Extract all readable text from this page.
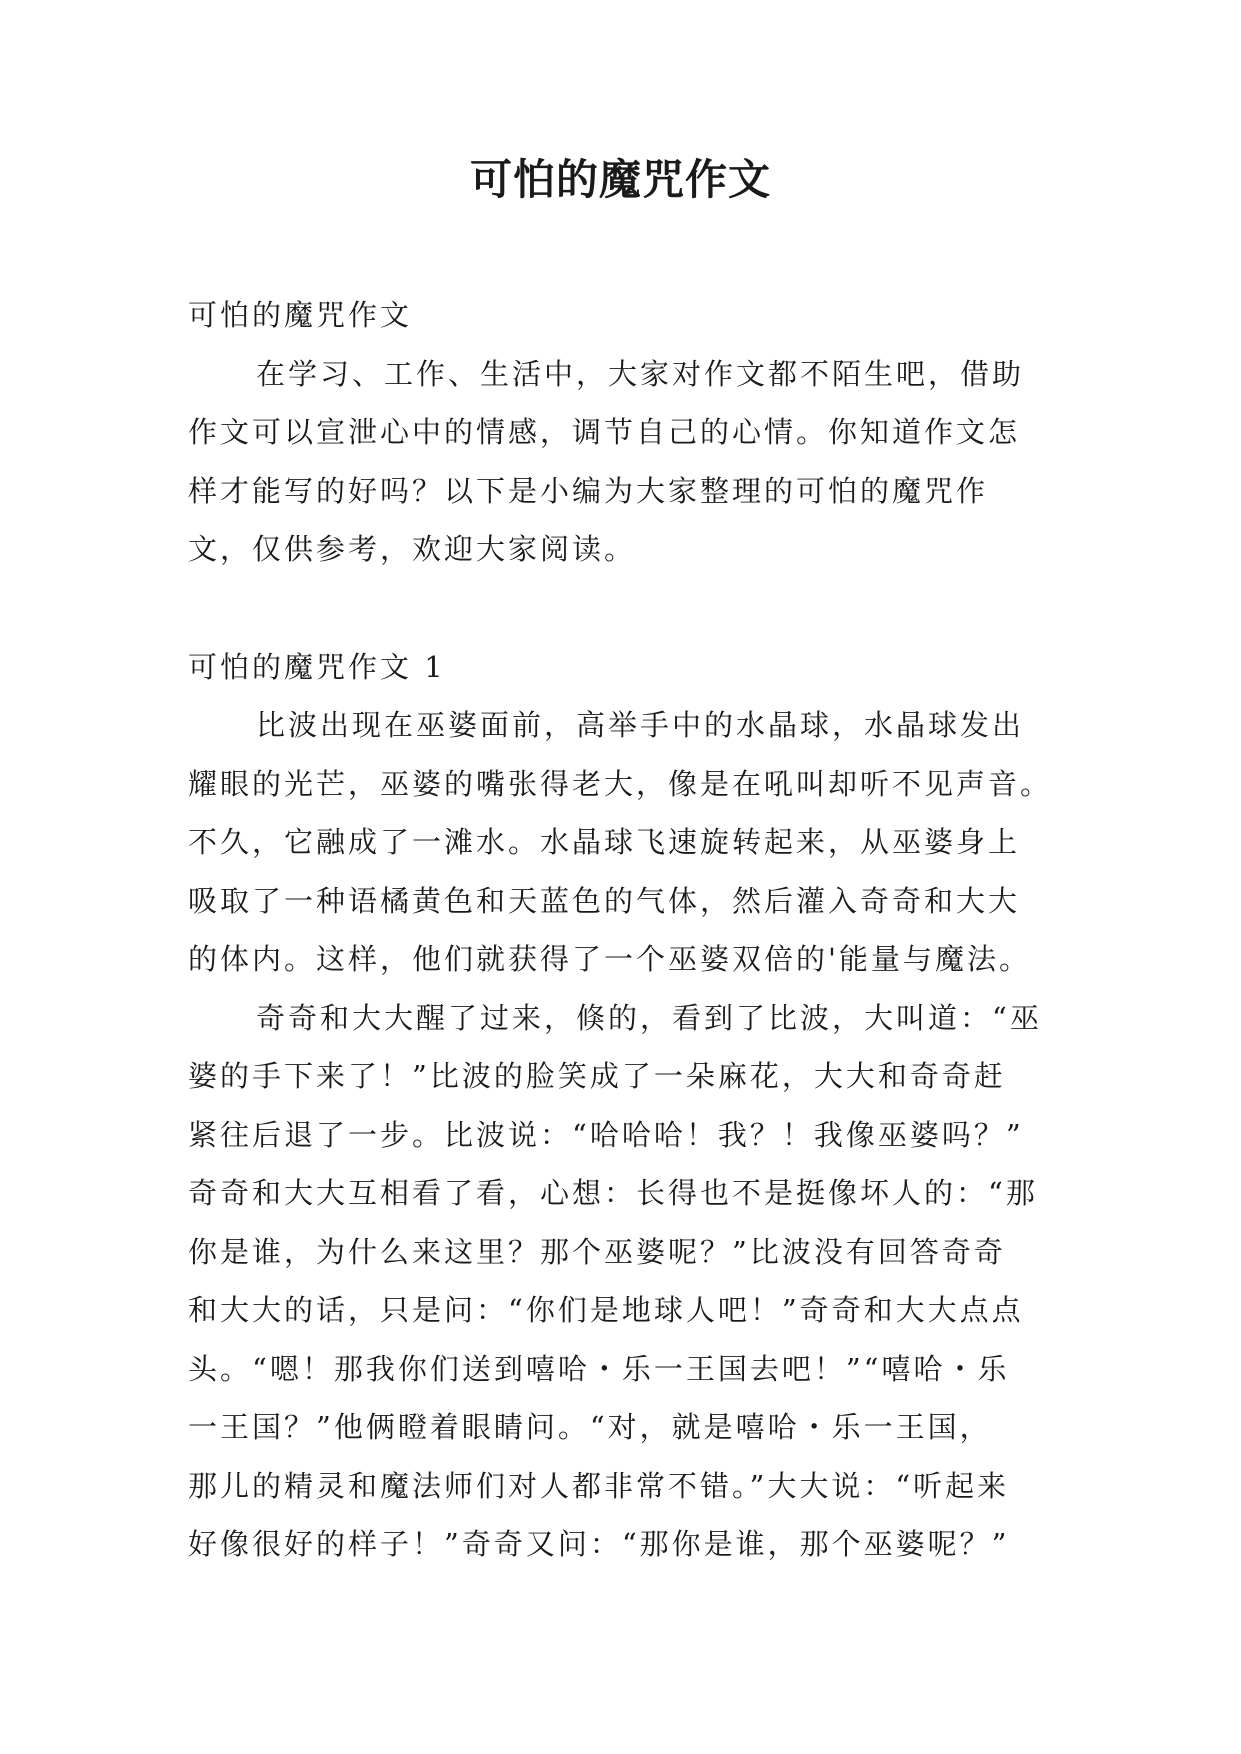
可怕的魔咒作文
可怕的魔咒作文
在学习、工作、生活中，大家对作文都不陌生吧，借助
作文可以宣泄心中的情感，调节自己的心情。你知道作文怎
样才能写的好吗？以下是小编为大家整理的可怕的魔咒作
文，仅供参考，欢迎大家阅读。
可怕的魔咒作文 1
比波出现在巫婆面前，高举手中的水晶球，水晶球发出
耀眼的光芒，巫婆的嘴张得老大，像是在吼叫却听不见声音。
不久，它融成了一滩水。水晶球飞速旋转起来，从巫婆身上
吸取了一种语橘黄色和天蓝色的气体，然后灌入奇奇和大大
的体内。这样，他们就获得了一个巫婆双倍的'能量与魔法。
奇奇和大大醒了过来，倏的，看到了比波，大叫道：“巫
婆的手下来了！”比波的脸笑成了一朵麻花，大大和奇奇赶
紧往后退了一步。比波说：“哈哈哈！我？！我像巫婆吗？”
奇奇和大大互相看了看，心想：长得也不是挺像坏人的：“那
你是谁，为什么来这里？那个巫婆呢？”比波没有回答奇奇
和大大的话，只是问：“你们是地球人吧！”奇奇和大大点点
头。“嗯！那我你们送到嘻哈・乐一王国去吧！”“嘻哈・乐
一王国？”他俩瞪着眼睛问。“对，就是嘻哈・乐一王国，
那儿的精灵和魔法师们对人都非常不错。”大大说：“听起来
好像很好的样子！”奇奇又问：“那你是谁，那个巫婆呢？”
